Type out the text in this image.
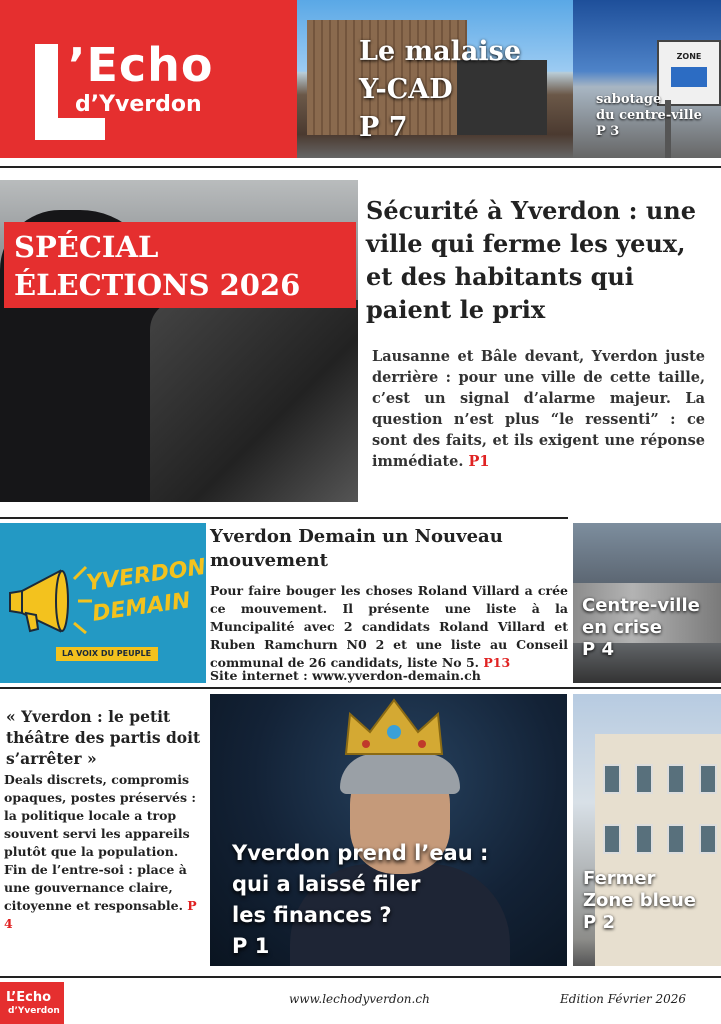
’Echo
d’Yverdon
Le malaise
Y-CAD
P 7
ZONE
sabotage
du centre-ville
P 3
SPÉCIAL
ÉLECTIONS 2026
Sécurité à Yverdon : une ville qui ferme les yeux, et des habitants qui paient le prix
Lausanne et Bâle devant, Yverdon juste derrière : pour une ville de cette taille, c’est un signal d’alarme majeur. La question n’est plus “le ressenti” : ce sont des faits, et ils exigent une réponse immédiate. P1
YVERDON
DEMAIN
LA VOIX DU PEUPLE
Yverdon Demain un Nouveau mouvement
Pour faire bouger les choses Roland Villard a crée ce mouvement. Il présente une liste à la Muncipalité avec 2 candidats Roland Villard et Ruben Ramchurn N0 2 et une liste au Conseil communal de 26 candidats, liste No 5. P13
Site internet : www.yverdon-demain.ch
Centre-ville
en crise
P 4
« Yverdon : le petit théâtre des partis doit s’arrêter »
Deals discrets, compromis opaques, postes préservés : la politique locale a trop souvent servi les appareils plutôt que la population. Fin de l’entre-soi : place à une gouvernance claire, citoyenne et responsable. P 4
Yverdon prend l’eau :
qui a laissé filer
les finances ?
P 1
Fermer
Zone bleue
P 2
L’Echo
d’Yverdon
www.lechodyverdon.ch	Edition Février 2026
